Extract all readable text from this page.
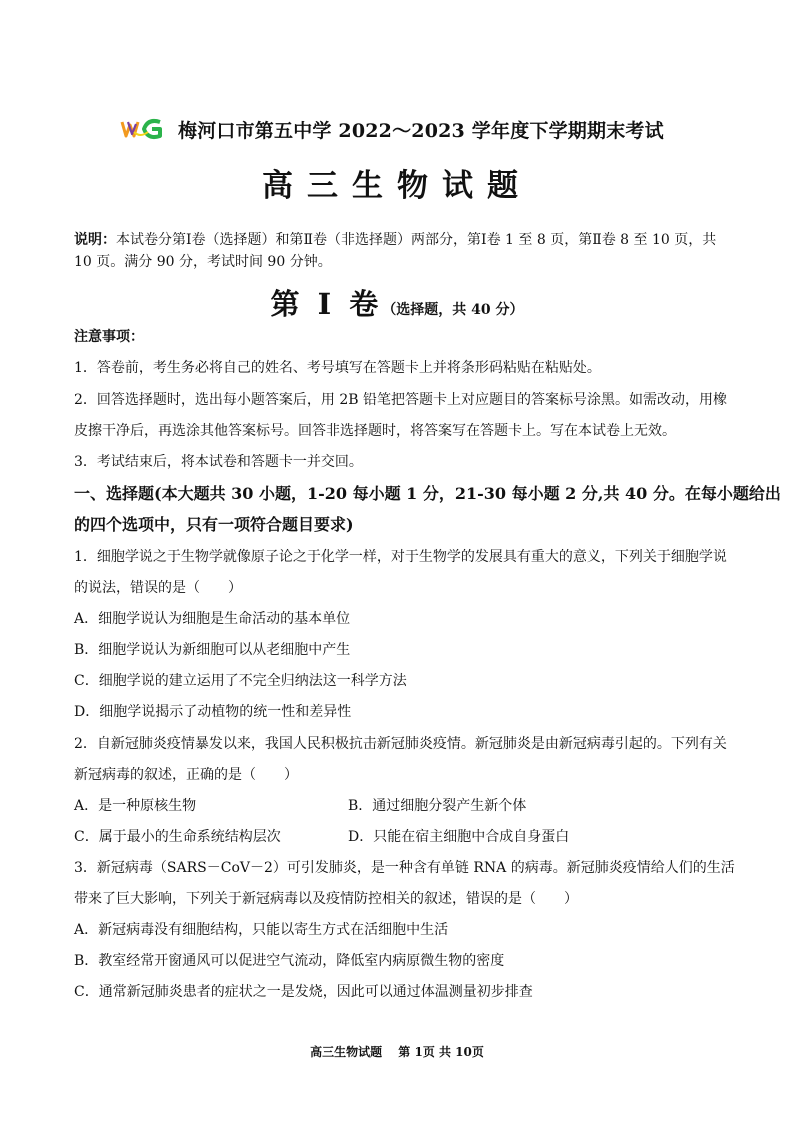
梅河口市第五中学 2022～2023 学年度下学期期末考试
高三生物试题
说明：本试卷分第Ⅰ卷（选择题）和第Ⅱ卷（非选择题）两部分，第Ⅰ卷 1 至 8 页，第Ⅱ卷 8 至 10 页，共 10 页。满分 90 分，考试时间 90 分钟。
第 I 卷（选择题，共 40 分）
注意事项：
1．答卷前，考生务必将自己的姓名、考号填写在答题卡上并将条形码粘贴在粘贴处。
2．回答选择题时，选出每小题答案后，用 2B 铅笔把答题卡上对应题目的答案标号涂黑。如需改动，用橡
皮擦干净后，再选涂其他答案标号。回答非选择题时，将答案写在答题卡上。写在本试卷上无效。
3．考试结束后，将本试卷和答题卡一并交回。
一、选择题(本大题共 30 小题，1-20 每小题 1 分，21-30 每小题 2 分,共 40 分。在每小题给出
的四个选项中，只有一项符合题目要求)
1．细胞学说之于生物学就像原子论之于化学一样，对于生物学的发展具有重大的意义，下列关于细胞学说
的说法，错误的是（　　）
A．细胞学说认为细胞是生命活动的基本单位
B．细胞学说认为新细胞可以从老细胞中产生
C．细胞学说的建立运用了不完全归纳法这一科学方法
D．细胞学说揭示了动植物的统一性和差异性
2．自新冠肺炎疫情暴发以来，我国人民积极抗击新冠肺炎疫情。新冠肺炎是由新冠病毒引起的。下列有关
新冠病毒的叙述，正确的是（　　）
A．是一种原核生物	B．通过细胞分裂产生新个体
C．属于最小的生命系统结构层次	D．只能在宿主细胞中合成自身蛋白
3．新冠病毒（SARS－CoV－2）可引发肺炎，是一种含有单链 RNA 的病毒。新冠肺炎疫情给人们的生活
带来了巨大影响，下列关于新冠病毒以及疫情防控相关的叙述，错误的是（　　）
A．新冠病毒没有细胞结构，只能以寄生方式在活细胞中生活
B．教室经常开窗通风可以促进空气流动，降低室内病原微生物的密度
C．通常新冠肺炎患者的症状之一是发烧，因此可以通过体温测量初步排查
高三生物试题　 第 1页 共 10页
